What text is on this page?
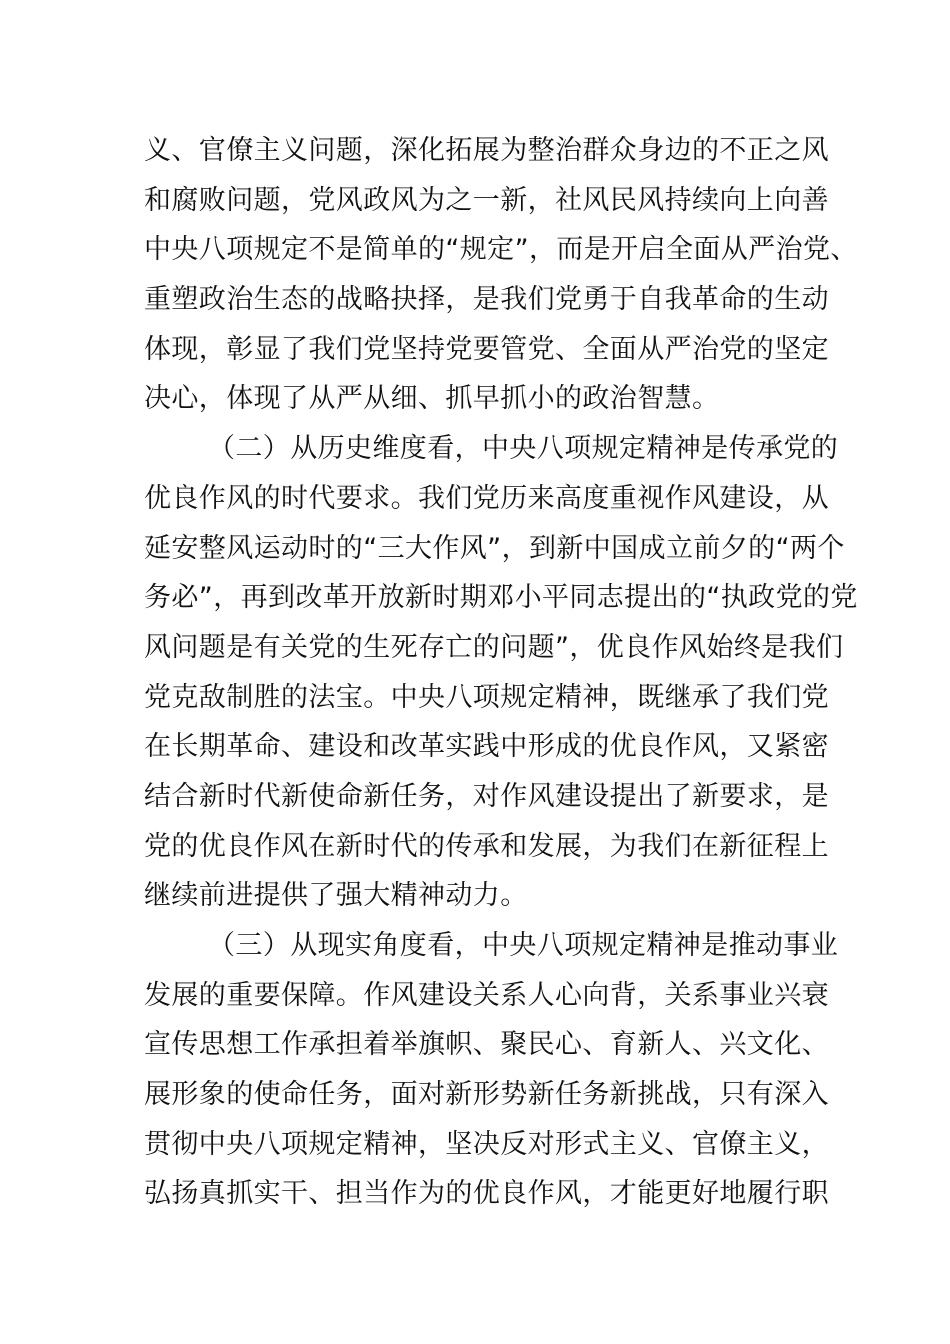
义、官僚主义问题，深化拓展为整治群众身边的不正之风
和腐败问题，党风政风为之一新，社风民风持续向上向善
中央八项规定不是简单的“规定”，而是开启全面从严治党、
重塑政治生态的战略抉择，是我们党勇于自我革命的生动
体现，彰显了我们党坚持党要管党、全面从严治党的坚定
决心，体现了从严从细、抓早抓小的政治智慧。
（二）从历史维度看，中央八项规定精神是传承党的
优良作风的时代要求。我们党历来高度重视作风建设，从
延安整风运动时的“三大作风”，到新中国成立前夕的“两个
务必”，再到改革开放新时期邓小平同志提出的“执政党的党
风问题是有关党的生死存亡的问题”，优良作风始终是我们
党克敌制胜的法宝。中央八项规定精神，既继承了我们党
在长期革命、建设和改革实践中形成的优良作风，又紧密
结合新时代新使命新任务，对作风建设提出了新要求，是
党的优良作风在新时代的传承和发展，为我们在新征程上
继续前进提供了强大精神动力。
（三）从现实角度看，中央八项规定精神是推动事业
发展的重要保障。作风建设关系人心向背，关系事业兴衰
宣传思想工作承担着举旗帜、聚民心、育新人、兴文化、
展形象的使命任务，面对新形势新任务新挑战，只有深入
贯彻中央八项规定精神，坚决反对形式主义、官僚主义，
弘扬真抓实干、担当作为的优良作风，才能更好地履行职
